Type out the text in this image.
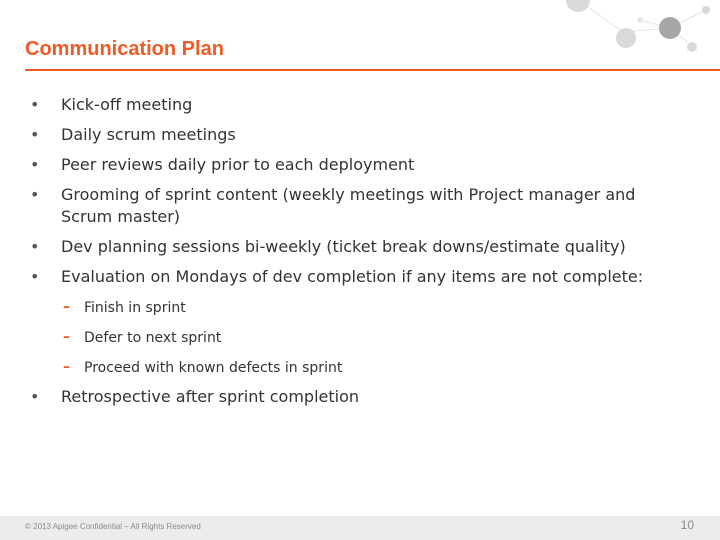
Communication Plan
• Kick-off meeting
• Daily scrum meetings
• Peer reviews daily prior to each deployment
• Grooming of sprint content (weekly meetings with Project manager and
Scrum master)
• Dev planning sessions bi-weekly (ticket break downs/estimate quality)
• Evaluation on Mondays of dev completion if any items are not complete:
– Finish in sprint
– Defer to next sprint
– Proceed with known defects in sprint
• Retrospective after sprint completion
© 2013 Apigee Confidential – All Rights Reserved	10
